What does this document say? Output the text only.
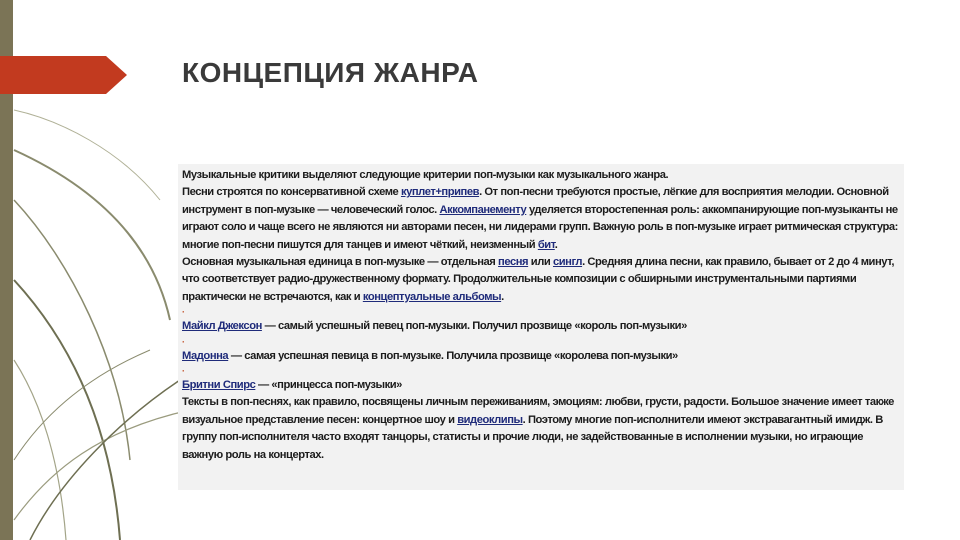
КОНЦЕПЦИЯ ЖАНРА

Музыкальные критики выделяют следующие критерии поп-музыки как музыкального жанра.

Песни строятся по консервативной схеме куплет+припев. От поп-песни требуются простые, лёгкие для восприятия мелодии. Основной инструмент в поп-музыке — человеческий голос. Аккомпанементу уделяется второстепенная роль: аккомпанирующие поп-музыканты не играют соло и чаще всего не являются ни авторами песен, ни лидерами групп. Важную роль в поп-музыке играет ритмическая структура: многие поп-песни пишутся для танцев и имеют чёткий, неизменный бит.

Основная музыкальная единица в поп-музыке — отдельная песня или сингл. Средняя длина песни, как правило, бывает от 2 до 4 минут, что соответствует радио-дружественному формату. Продолжительные композиции с обширными инструментальными партиями практически не встречаются, как и концептуальные альбомы.

·

Майкл Джексон — самый успешный певец поп-музыки. Получил прозвище «король поп-музыки»

·

Мадонна — самая успешная певица в поп-музыке. Получила прозвище «королева поп-музыки»

·

Бритни Спирс — «принцесса поп-музыки»

Тексты в поп-песнях, как правило, посвящены личным переживаниям, эмоциям: любви, грусти, радости. Большое значение имеет также визуальное представление песен: концертное шоу и видеоклипы. Поэтому многие поп-исполнители имеют экстравагантный имидж. В группу поп-исполнителя часто входят танцоры, статисты и прочие люди, не задействованные в исполнении музыки, но играющие важную роль на концертах.
